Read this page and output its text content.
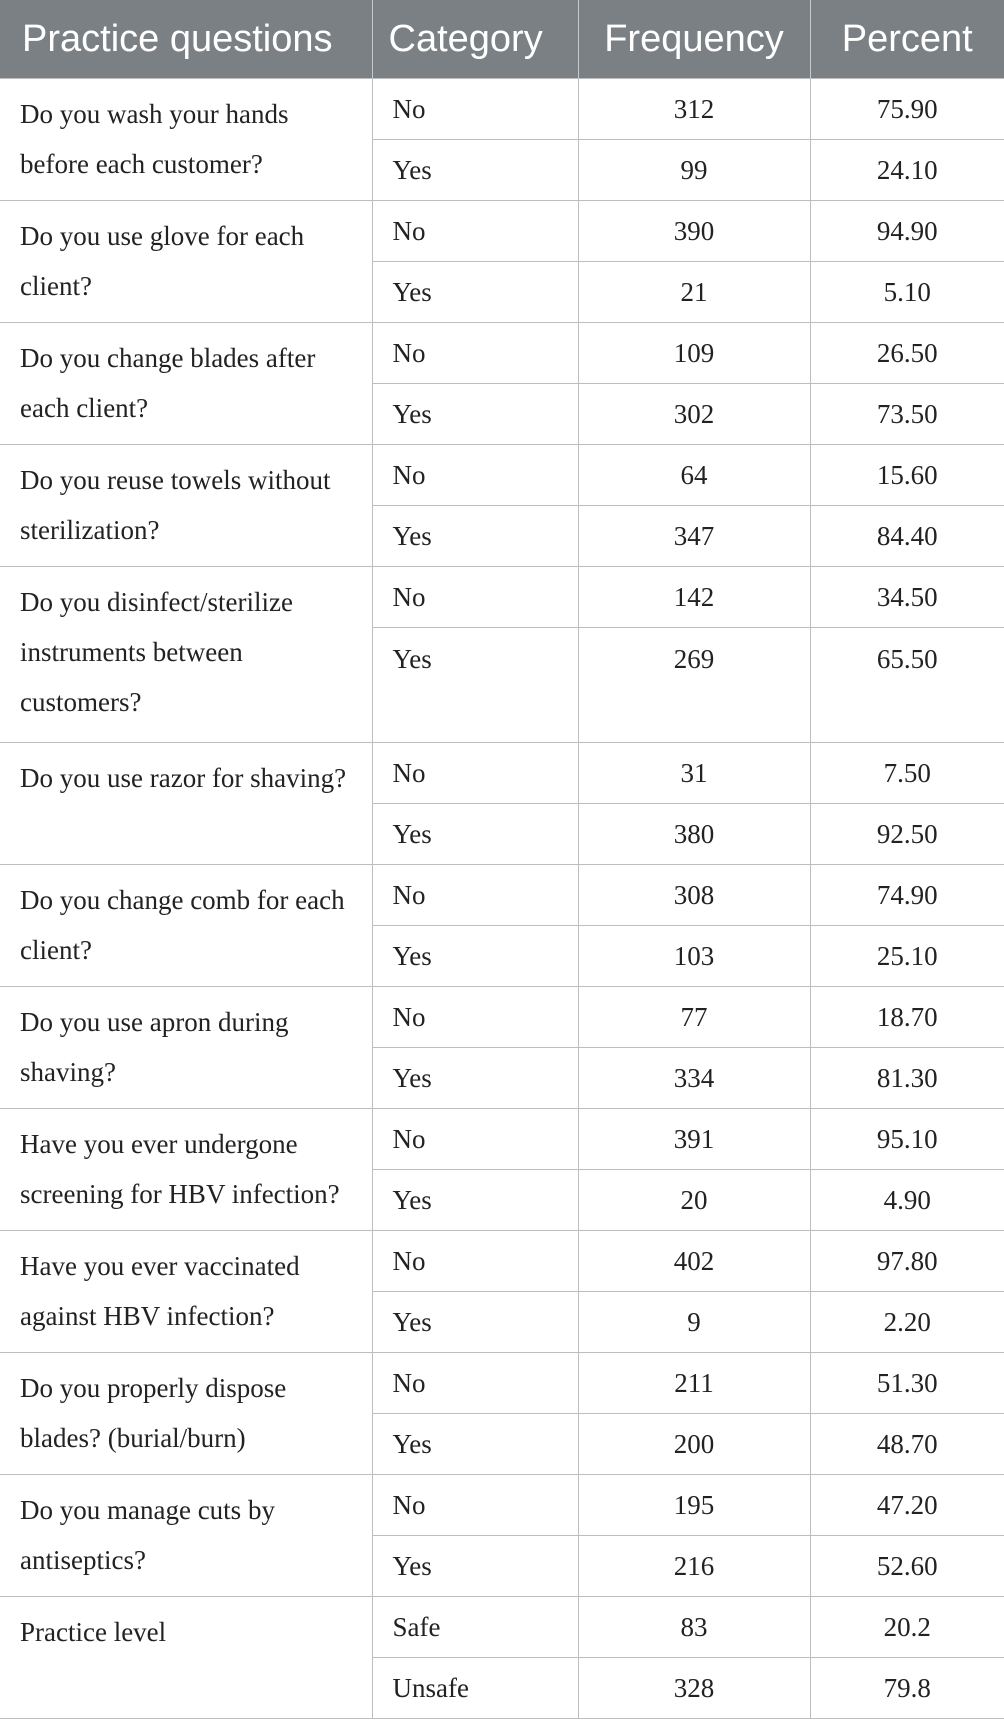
Practice questions	Category	Frequency	Percent
Do you wash your hands before each customer?	No	312	75.90
	Yes	99	24.10
Do you use glove for each client?	No	390	94.90
	Yes	21	5.10
Do you change blades after each client?	No	109	26.50
	Yes	302	73.50
Do you reuse towels without sterilization?	No	64	15.60
	Yes	347	84.40
Do you disinfect/sterilize instruments between customers?	No	142	34.50
	Yes	269	65.50
Do you use razor for shaving?	No	31	7.50
	Yes	380	92.50
Do you change comb for each client?	No	308	74.90
	Yes	103	25.10
Do you use apron during shaving?	No	77	18.70
	Yes	334	81.30
Have you ever undergone screening for HBV infection?	No	391	95.10
	Yes	20	4.90
Have you ever vaccinated against HBV infection?	No	402	97.80
	Yes	9	2.20
Do you properly dispose blades? (burial/burn)	No	211	51.30
	Yes	200	48.70
Do you manage cuts by antiseptics?	No	195	47.20
	Yes	216	52.60
Practice level	Safe	83	20.2
	Unsafe	328	79.8
